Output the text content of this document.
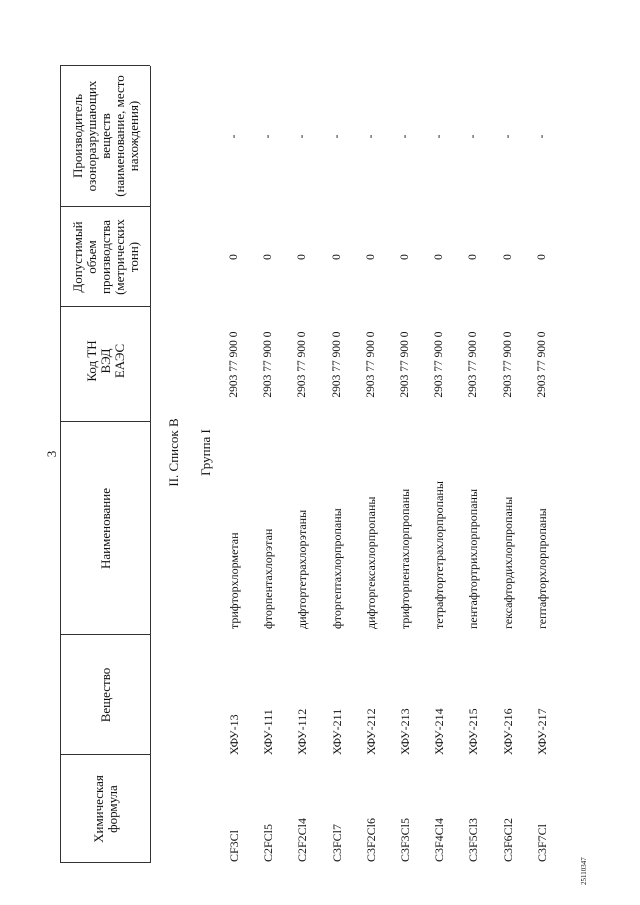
3
Химическая формула
Вещество
Наименование
Код ТН ВЭД ЕАЭС
Допустимый объем производства (метрических тонн)
Производитель озоноразрушающих веществ (наименование, место нахождения)
II. Список В Группа I
CF3Cl
ХФУ-13
трифторхлорметан
2903 77 900 0
0
-
C2FCl5
ХФУ-111
фторпентахлорэтан
2903 77 900 0
0
-
C2F2Cl4
ХФУ-112
дифтортетрахлорэтаны
2903 77 900 0
0
-
C3FCl7
ХФУ-211
фторгептахлорпропаны
2903 77 900 0
0
-
C3F2Cl6
ХФУ-212
дифторгексахлорпропаны
2903 77 900 0
0
-
C3F3Cl5
ХФУ-213
трифторпентахлорпропаны
2903 77 900 0
0
-
C3F4Cl4
ХФУ-214
тетрафтортетрахлорпропаны
2903 77 900 0
0
-
C3F5Cl3
ХФУ-215
пентафтортрихлорпропаны
2903 77 900 0
0
-
C3F6Cl2
ХФУ-216
гексафтордихлорпропаны
2903 77 900 0
0
-
C3F7Cl
ХФУ-217
гептафторхлорпропаны
2903 77 900 0
0
-
25110347
